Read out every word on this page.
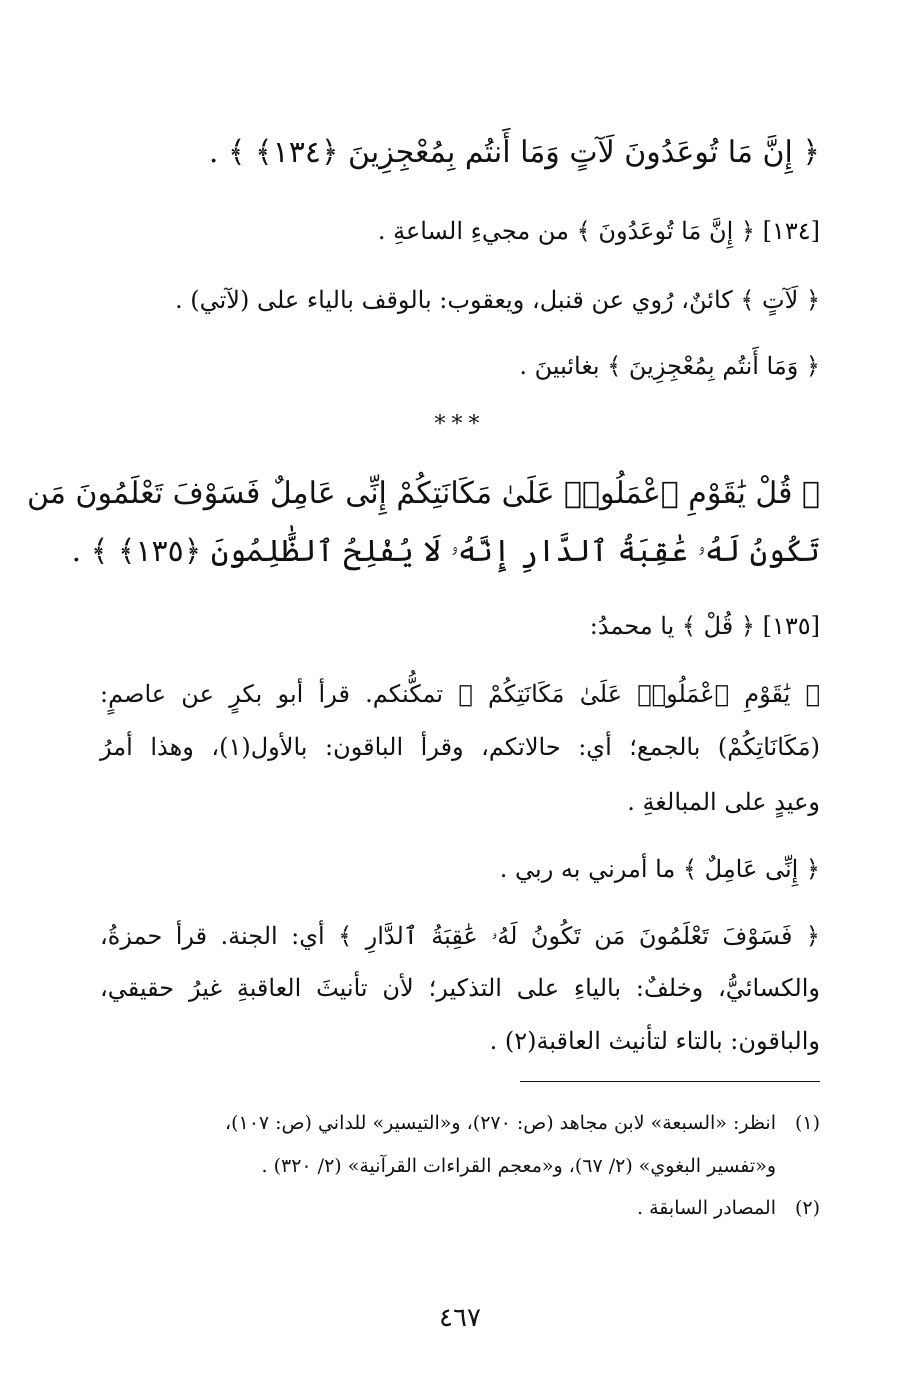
﴿ إِنَّ مَا تُوعَدُونَ لَآتٍ وَمَا أَنتُم بِمُعْجِزِينَ ﴿١٣٤﴾ ﴾ .
[١٣٤] ﴿ إِنَّ مَا تُوعَدُونَ ﴾ من مجيءِ الساعةِ .
﴿ لَآتٍ ﴾ كائنٌ، رُوي عن قنبل، ويعقوب: بالوقف بالياء على (لآتي) .
﴿ وَمَا أَنتُم بِمُعْجِزِينَ ﴾ بغائبينَ .
***
﴿ قُلْ يَٰقَوْمِ ٱعْمَلُوا۟ عَلَىٰ مَكَانَتِكُمْ إِنِّى عَامِلٌ فَسَوْفَ تَعْلَمُونَ مَن
تَكُونُ لَهُۥ عَٰقِبَةُ ٱلدَّارِ إِنَّهُۥ لَا يُفْلِحُ ٱلظَّٰلِمُونَ ﴿١٣٥﴾ ﴾ .
[١٣٥] ﴿ قُلْ ﴾ يا محمدُ:
﴿ يَٰقَوْمِ ٱعْمَلُوا۟ عَلَىٰ مَكَانَتِكُمْ ﴾ تمكُّنكم. قرأ أبو بكرٍ عن عاصمٍ:
(مَكَانَاتِكُمْ) بالجمع؛ أي: حالاتكم، وقرأ الباقون: بالأول(١)، وهذا أمرُ
وعيدٍ على المبالغةِ .
﴿ إِنِّى عَامِلٌ ﴾ ما أمرني به ربي .
﴿ فَسَوْفَ تَعْلَمُونَ مَن تَكُونُ لَهُۥ عَٰقِبَةُ ٱلدَّارِ ﴾ أي: الجنة. قرأ حمزةُ،
والكسائيُّ، وخلفٌ: بالياءِ على التذكير؛ لأن تأنيثَ العاقبةِ غيرُ حقيقي،
والباقون: بالتاء لتأنيث العاقبة(٢) .
(١)انظر: «السبعة» لابن مجاهد (ص: ٢٧٠)، و«التيسير» للداني (ص: ١٠٧)،
و«تفسير البغوي» (٢/ ٦٧)، و«معجم القراءات القرآنية» (٢/ ٣٢٠) .
(٢)المصادر السابقة .
٤٦٧
